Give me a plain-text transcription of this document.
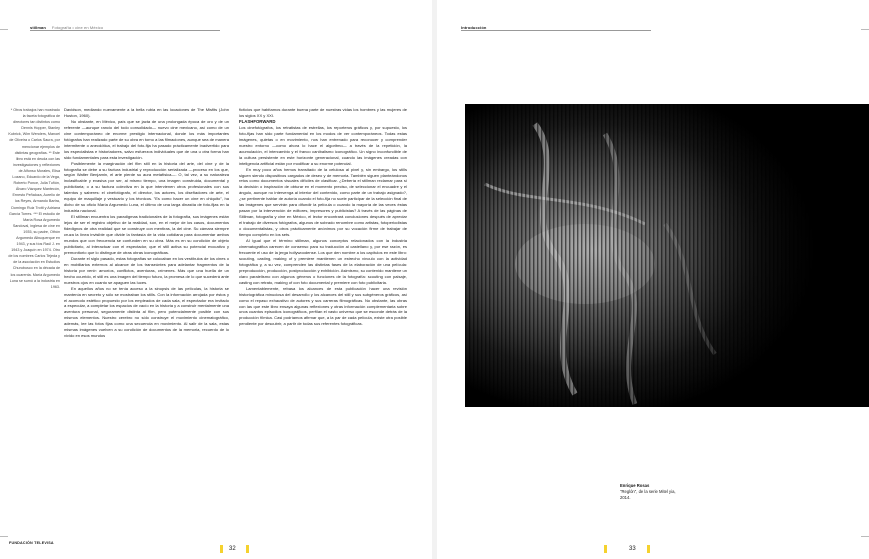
stillman Fotografía • cine en México
* Otros trabajos han mostrado la faceta fotográfica de directores tan distintos como Dennis Hopper, Stanley Kubrick, Wim Wenders, Manoel de Oliveira o Carlos Saura, por mencionar ejemplos de distintas geografías. ** Este libro está en deuda con las investigaciones y reflexiones de Alfonso Morales, Elisa Lozano, Eduardo de la Vega, Roberto Ponce, Julia Tuñón, Álvaro Vázquez Mantecón, Ernesto Peñaloza, Aurelio de los Reyes, Armando Bartra, Domingo Ruiz Trotti y Adriana García Torres. *** El estudio de María Rosa Argumedo Sandoval, inglesa de cine en 1935, su padre, Othón Argumedo Albuquerque en 1943, y sus tíos Raúl J. en 1943 y Joaquín en 1974. Otro de los nombres Carlos Tejeda y de la asociación en Estudios Churubusco en la década de los cuarenta. María Argumedo Luna se sumó a la industria en 1963.

Davidson, mediando nuevamente a la bella rubia en las locaciones de The Misfits (John Huston, 1960).

No obstante, en México, país que se jacta de una prolongada época de oro y de un referente —aunque rancio del todo consolidado— nuevo cine mexicano, así como de un cine contemporáneo de enorme prestigio internacional, donde los más importantes fotógrafos han realizado parte de su obra en torno a las filmaciones, aunque sea de manera intermitente o anecdótica, el trabajo del foto-fija ha pasado prácticamente inadvertido para los especialistas e historiadores, salvo esfuerzos individuales que de una u otra forma han sido fundamentales para esta investigación.

Posiblemente la marginación del film still en la historia del arte, del cine y de la fotografía se debe a su factura industrial y reproducción serializada —proceso en los que, según Walter Benjamin, el arte pierde su aura metafísica—. O, tal vez, a su naturaleza inclasificable y evasiva por ser, al mismo tiempo, una imagen construida, documental y publicitaria; o a su factura colectiva en la que intervienen otros profesionales con sus talentos y saberes: el cinefotógrafo, el director, los actores, los diseñadores de arte, el equipo de maquillaje y vestuario y los técnicos. "Es como hacer un cine en chiquito", ha dicho de su oficio María Argumedo Luna, el último de una larga dinastía de foto-fijas en la industria nacional.

El stillman encuentra los paradigmas tradicionales de la fotografía, sus imágenes están lejos de ser el registro objetivo de la realidad, son, en el mejor de los casos, documentos fidedignos de otra realidad que se construye con mentiras, la del cine. Su cámara siempre cruza la línea invisible que divide la fantasía de la vida cotidiana para documentar ambos mundos que con frecuencia se confunden en su obra. Más es en su condición de objeto publicitario, al interactuar con el espectador, que el still activa su potencial evocativo y premonitorio que lo distingue de otras obras iconográficas.

Durante el siglo pasado, estas fotografías se colocaban en los vestíbulos de los cines o en mobiliarios externos al alcance de los transeúntes para adelantar fragmentos de la historia por venir: amoríos, conflictos, aventuras, crímenes. Más que una huella de un hecho ocurrido, el still es una imagen del tiempo futuro, la promesa de lo que sucederá ante nuestros ojos en cuanto se apaguen las luces.

En aquellos años no se tenía acceso a la sinopsis de las películas, la historia se mantenía en secreto y sólo se mostraban los stills. Con la información arrojada por éstos y el acomodo estético propuesto por los empleados de cada sala, el espectador era invitado a especular, a completar los espacios de vacío en la historia y a construir mentalmente una aventura personal, seguramente distinta al film, pero potencialmente posible con sus mismos elementos. Nuestro cerebro no sólo construye el movimiento cinematográfico, además, lee las fotos fijas como una secuencia en movimiento. Al salir de la sala, estas mismas imágenes vuelven a su condición de documentos de la memoria, recuerdo de lo vivido en esos mundos

ficticios que habitamos durante buena parte de nuestras vidas los hombres y las mujeres de los siglos XX y XXI.

FLASHFORWARD

Los cinefotógrafos, los retratistas de estrellas, los reporteros gráficos y, por supuesto, los foto-fijas han sido parte fundamental en los modos de ver contemporáneos. Todas estas imágenes, quietas o en movimiento, nos han entrenado para reconocer y comprender nuestro entorno —como ahora lo hace el algoritmo— a través de la repetición, la acumulación, el intercambio y el franco canibalismo iconográfico. Un signo inconfundible de la cultura persistente en este horizonte generacional, cuando las imágenes creadas con inteligencia artificial están por modificar a su enorme potencial.

En muy poco años hemos transitado de la celulosa al pixel y, sin embargo, los stills siguen siendo dispositivos cargados de deseo y de memoria. También siguen planteándonos retos como documentos visuales difíciles de clasificar. ¿Debería el stillman reclamar para sí la decisión o inspiración de obturar en el momento preciso, de seleccionar el encuadre y el ángulo, aunque no intervenga al interior del contenido, como parte de un trabajo asignado?, ¿se pertinente hablar de autoría cuando el foto-fija no suele participar de la selección final de las imágenes que servirán para difundir la película o cuando la mayoría de las veces éstas pasan por la intervención de editores, impresores y publicistas? A través de las páginas de Stillman, fotografía y cine en México, el lector encontrará conclusiones después de apreciar el trabajo de diversos fotógrafos, algunos de sobrado renombre como artistas, fotoperiodistas o documentalistas, y otros prácticamente anónimos por su vocación firme de trabajar de tiempo completo en los sets.

Al igual que el término stillman, algunos conceptos relacionados con la industria cinematográfica carecen de consenso para su traducción al castellano y, por ese razón, es frecuente el uso de la jerga hollywoodense. Los que den nombre a los capítulos en este libro: scouting, casting, making of y premiere mantienen un estrecho vínculo con la actividad fotográfica y, a su vez, comprenden las distintas fases de la elaboración de una película: preproducción, producción, postproducción y exhibición. Asimismo, su contenido mantiene un claro paralelismo con algunos géneros o funciones de la fotografía: scouting con paisaje, casting con retrato, making of con foto documental y premiere con foto publicitaria.

Lamentablemente, rebasa los alcances de esta publicación hacer una revisión historiográfica minuciosa del desarrollo y los alcances del still y sus subgéneros gráficos, así como el repaso exhaustivo de autores y sus carreras filmográficas. No obstante, las obras con las que este libro ensaya algunas reflexiones y otras información complementaria sobre unos cuantos episodios iconográficos, perfilan el vasto universo que se esconde detrás de la producción fílmica. Casi podríamos afirmar que, a la par de cada película, existe otra posible pendiente por descubrir, a partir de todas sus referentes fotográficas.

FUNDACIÓN TELEVISA
32
Introducción
Enrique Rosas
"Reglón", de la serie Mitel yia,
2014.
33
